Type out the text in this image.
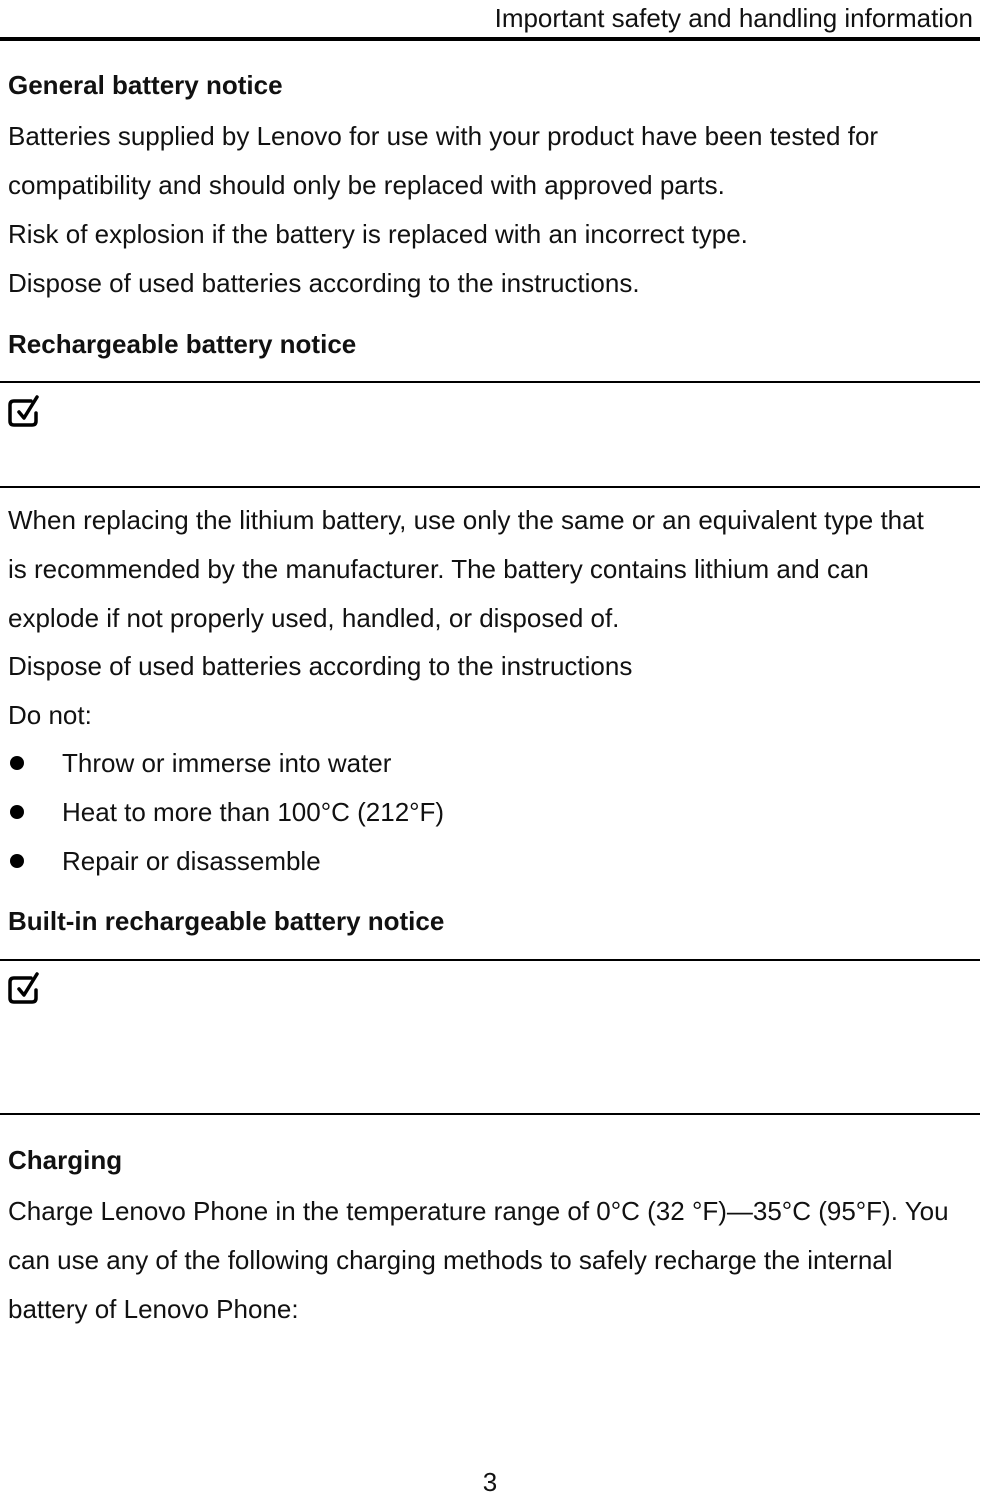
Important safety and handling information
General battery notice

Batteries supplied by Lenovo for use with your product have been tested for

compatibility and should only be replaced with approved parts.

Risk of explosion if the battery is replaced with an incorrect type.

Dispose of used batteries according to the instructions.

Rechargeable battery notice

When replacing the lithium battery, use only the same or an equivalent type that

is recommended by the manufacturer. The battery contains lithium and can

explode if not properly used, handled, or disposed of.

Dispose of used batteries according to the instructions

Do not:

Throw or immerse into water
Heat to more than 100°C (212°F)
Repair or disassemble
Built-in rechargeable battery notice
Charging

Charge Lenovo Phone in the temperature range of 0°C (32 °F)—35°C (95°F). You

can use any of the following charging methods to safely recharge the internal

battery of Lenovo Phone:

3
